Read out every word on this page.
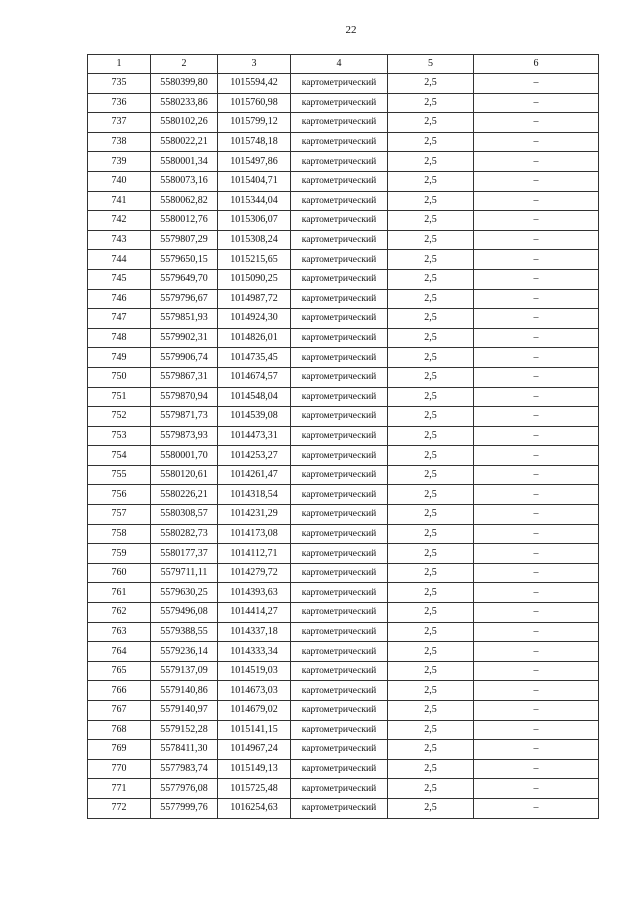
22
1	2	3	4	5	6
735	5580399,80	1015594,42	картометрический	2,5	–
736	5580233,86	1015760,98	картометрический	2,5	–
737	5580102,26	1015799,12	картометрический	2,5	–
738	5580022,21	1015748,18	картометрический	2,5	–
739	5580001,34	1015497,86	картометрический	2,5	–
740	5580073,16	1015404,71	картометрический	2,5	–
741	5580062,82	1015344,04	картометрический	2,5	–
742	5580012,76	1015306,07	картометрический	2,5	–
743	5579807,29	1015308,24	картометрический	2,5	–
744	5579650,15	1015215,65	картометрический	2,5	–
745	5579649,70	1015090,25	картометрический	2,5	–
746	5579796,67	1014987,72	картометрический	2,5	–
747	5579851,93	1014924,30	картометрический	2,5	–
748	5579902,31	1014826,01	картометрический	2,5	–
749	5579906,74	1014735,45	картометрический	2,5	–
750	5579867,31	1014674,57	картометрический	2,5	–
751	5579870,94	1014548,04	картометрический	2,5	–
752	5579871,73	1014539,08	картометрический	2,5	–
753	5579873,93	1014473,31	картометрический	2,5	–
754	5580001,70	1014253,27	картометрический	2,5	–
755	5580120,61	1014261,47	картометрический	2,5	–
756	5580226,21	1014318,54	картометрический	2,5	–
757	5580308,57	1014231,29	картометрический	2,5	–
758	5580282,73	1014173,08	картометрический	2,5	–
759	5580177,37	1014112,71	картометрический	2,5	–
760	5579711,11	1014279,72	картометрический	2,5	–
761	5579630,25	1014393,63	картометрический	2,5	–
762	5579496,08	1014414,27	картометрический	2,5	–
763	5579388,55	1014337,18	картометрический	2,5	–
764	5579236,14	1014333,34	картометрический	2,5	–
765	5579137,09	1014519,03	картометрический	2,5	–
766	5579140,86	1014673,03	картометрический	2,5	–
767	5579140,97	1014679,02	картометрический	2,5	–
768	5579152,28	1015141,15	картометрический	2,5	–
769	5578411,30	1014967,24	картометрический	2,5	–
770	5577983,74	1015149,13	картометрический	2,5	–
771	5577976,08	1015725,48	картометрический	2,5	–
772	5577999,76	1016254,63	картометрический	2,5	–
